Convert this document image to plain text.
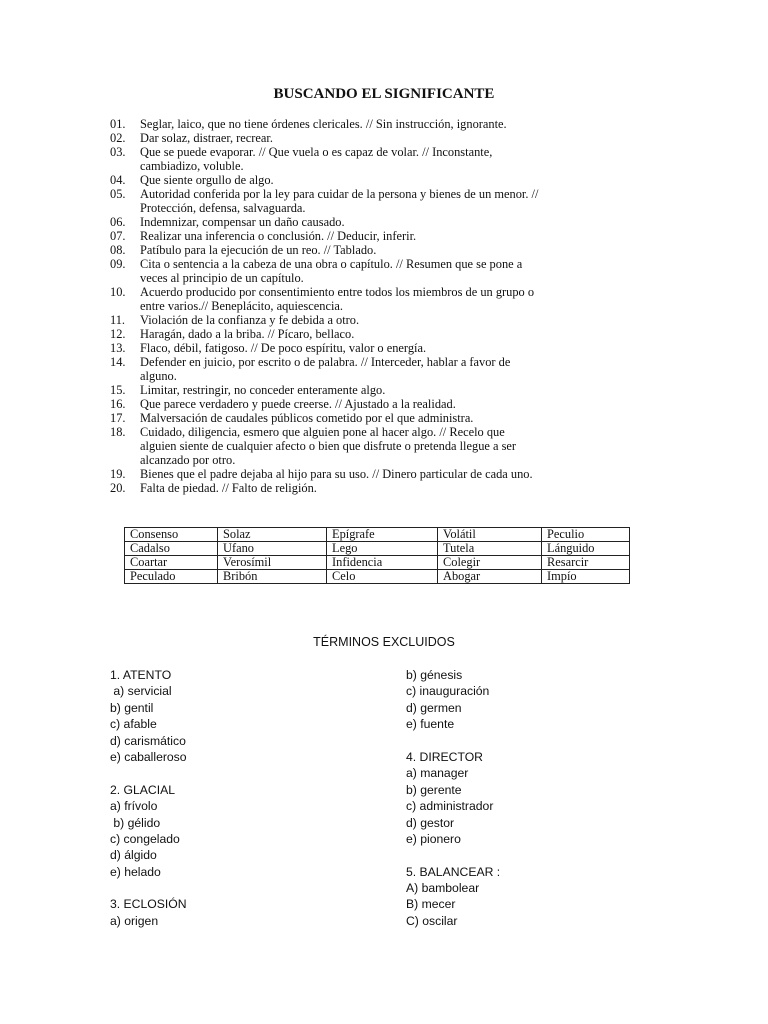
BUSCANDO EL SIGNIFICANTE
01. Seglar, laico, que no tiene órdenes clericales. // Sin instrucción, ignorante.
02. Dar solaz, distraer, recrear.
03. Que se puede evaporar. // Que vuela o es capaz de volar. // Inconstante,
cambiadizo, voluble.
04. Que siente orgullo de algo.
05. Autoridad conferida por la ley para cuidar de la persona y bienes de un menor. //
Protección, defensa, salvaguarda.
06. Indemnizar, compensar un daño causado.
07. Realizar una inferencia o conclusión. // Deducir, inferir.
08. Patíbulo para la ejecución de un reo. // Tablado.
09. Cita o sentencia a la cabeza de una obra o capítulo. // Resumen que se pone a
veces al principio de un capítulo.
10. Acuerdo producido por consentimiento entre todos los miembros de un grupo o
entre varios.// Beneplácito, aquiescencia.
11. Violación de la confianza y fe debida a otro.
12. Haragán, dado a la briba. // Pícaro, bellaco.
13. Flaco, débil, fatigoso. // De poco espíritu, valor o energía.
14. Defender en juicio, por escrito o de palabra. // Interceder, hablar a favor de
alguno.
15. Limitar, restringir, no conceder enteramente algo.
16. Que parece verdadero y puede creerse. // Ajustado a la realidad.
17. Malversación de caudales públicos cometido por el que administra.
18. Cuidado, diligencia, esmero que alguien pone al hacer algo. // Recelo que
alguien siente de cualquier afecto o bien que disfrute o pretenda llegue a ser
alcanzado por otro.
19. Bienes que el padre dejaba al hijo para su uso. // Dinero particular de cada uno.
20. Falta de piedad. // Falto de religión.
Consenso	Solaz	Epígrafe	Volátil	Peculio
Cadalso	Ufano	Lego	Tutela	Lánguido
Coartar	Verosímil	Infidencia	Colegir	Resarcir
Peculado	Bribón	Celo	Abogar	Impío
TÉRMINOS EXCLUIDOS
1. ATENTO
a) servicial
b) gentil
c) afable
d) carismático
e) caballeroso
2. GLACIAL
a) frívolo
b) gélido
c) congelado
d) álgido
e) helado
3. ECLOSIÓN
a) origen
b) génesis
c) inauguración
d) germen
e) fuente
4. DIRECTOR
a) manager
b) gerente
c) administrador
d) gestor
e) pionero
5. BALANCEAR :
A) bambolear
B) mecer
C) oscilar
